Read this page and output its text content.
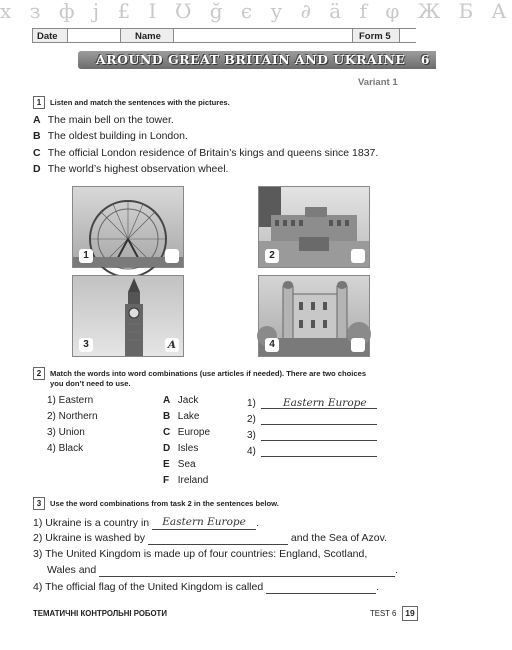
x з ф j £ I Ʊ ğ є у ∂ ä f φ Ж Б A
Date	Name	Form 5
AROUND GREAT BRITAIN AND UKRAINE 6
Variant 1
1	Listen and match the sentences with the pictures.
A The main bell on the tower.
B The oldest building in London.
C The official London residence of Britain’s kings and queens since 1837.
D The world’s highest observation wheel.
1	2
3	A	4
2	Match the words into word combinations (use articles if needed). There are two choices
you don’t need to use.
1) Eastern
2) Northern
3) Union
4) Black
A Jack
B Lake
C Europe
D Isles
E Sea
F Ireland
1)	Eastern Europe
2)
3)
4)
3	Use the word combinations from task 2 in the sentences below.
1) Ukraine is a country in Eastern Europe .
2) Ukraine is washed by	and the Sea of Azov.
3) The United Kingdom is made up of four countries: England, Scotland,
Wales and	.
4) The official flag of the United Kingdom is called	.
ТЕМАТИЧНІ КОНТРОЛЬНІ РОБОТИ	TEST 6	19
